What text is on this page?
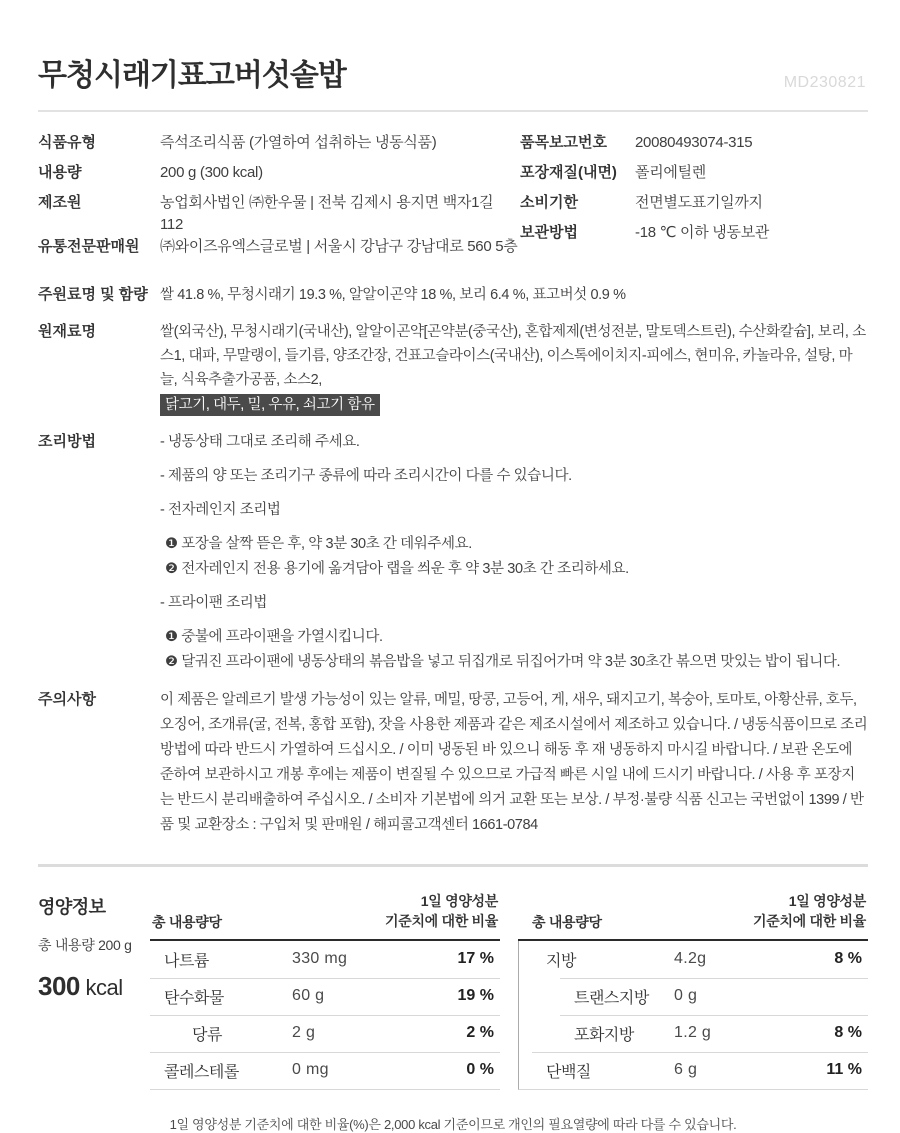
무청시래기표고버섯솥밥	MD230821
식품유형	즉석조리식품 (가열하여 섭취하는 냉동식품)
내용량	200 g (300 kcal)
제조원	농업회사법인 ㈜한우물 | 전북 김제시 용지면 백자1길 112
유통전문판매원	㈜와이즈유엑스글로벌 | 서울시 강남구 강남대로 560 5층
품목보고번호	20080493074-315
포장재질(내면)	폴리에틸렌
소비기한	전면별도표기일까지
보관방법	-18 ℃ 이하 냉동보관
주원료명 및 함량 쌀 41.8 %, 무청시래기 19.3 %, 알알이곤약 18 %, 보리 6.4 %, 표고버섯 0.9 %
원재료명	쌀(외국산), 무청시래기(국내산), 알알이곤약[곤약분(중국산), 혼합제제(변성전분, 말토덱스트린), 수산화칼슘], 보리, 소스1, 대파, 무말랭이, 들기름, 양조간장, 건표고슬라이스(국내산), 이스톡에이치지-피에스, 현미유, 카놀라유, 설탕, 마늘, 식육추출가공품, 소스2,
닭고기, 대두, 밀, 우유, 쇠고기 함유
조리방법	- 냉동상태 그대로 조리해 주세요.
- 제품의 양 또는 조리기구 종류에 따라 조리시간이 다를 수 있습니다.
- 전자레인지 조리법
❶ 포장을 살짝 뜯은 후, 약 3분 30초 간 데워주세요.
❷ 전자레인지 전용 용기에 옮겨담아 랩을 씌운 후 약 3분 30초 간 조리하세요.
- 프라이팬 조리법
❶ 중불에 프라이팬을 가열시킵니다.
❷ 달궈진 프라이팬에 냉동상태의 볶음밥을 넣고 뒤집개로 뒤집어가며 약 3분 30초간 볶으면 맛있는 밥이 됩니다.
주의사항	이 제품은 알레르기 발생 가능성이 있는 알류, 메밀, 땅콩, 고등어, 게, 새우, 돼지고기, 복숭아, 토마토, 아황산류, 호두, 오징어, 조개류(굴, 전복, 홍합 포함), 잣을 사용한 제품과 같은 제조시설에서 제조하고 있습니다. / 냉동식품이므로 조리방법에 따라 반드시 가열하여 드십시오. / 이미 냉동된 바 있으니 해동 후 재 냉동하지 마시길 바랍니다. / 보관 온도에 준하여 보관하시고 개봉 후에는 제품이 변질될 수 있으므로 가급적 빠른 시일 내에 드시기 바랍니다. / 사용 후 포장지는 반드시 분리배출하여 주십시오. / 소비자 기본법에 의거 교환 또는 보상. / 부정·불량 식품 신고는 국번없이 1399 / 반품 및 교환장소 : 구입처 및 판매원 / 해피콜고객센터 1661-0784
영양정보
총 내용량 200 g
300 kcal
총 내용량당
1일 영양성분
기준치에 대한 비율
나트륨	330 mg	17 %
탄수화물	60 g	19 %
당류	2 g	2 %
콜레스테롤	0 mg	0 %
총 내용량당
1일 영양성분
기준치에 대한 비율
지방	4.2g	8 %
트랜스지방	0 g
포화지방	1.2 g	8 %
단백질	6 g	11 %

1일 영양성분 기준치에 대한 비율(%)은 2,000 kcal 기준이므로 개인의 필요열량에 따라 다를 수 있습니다.
